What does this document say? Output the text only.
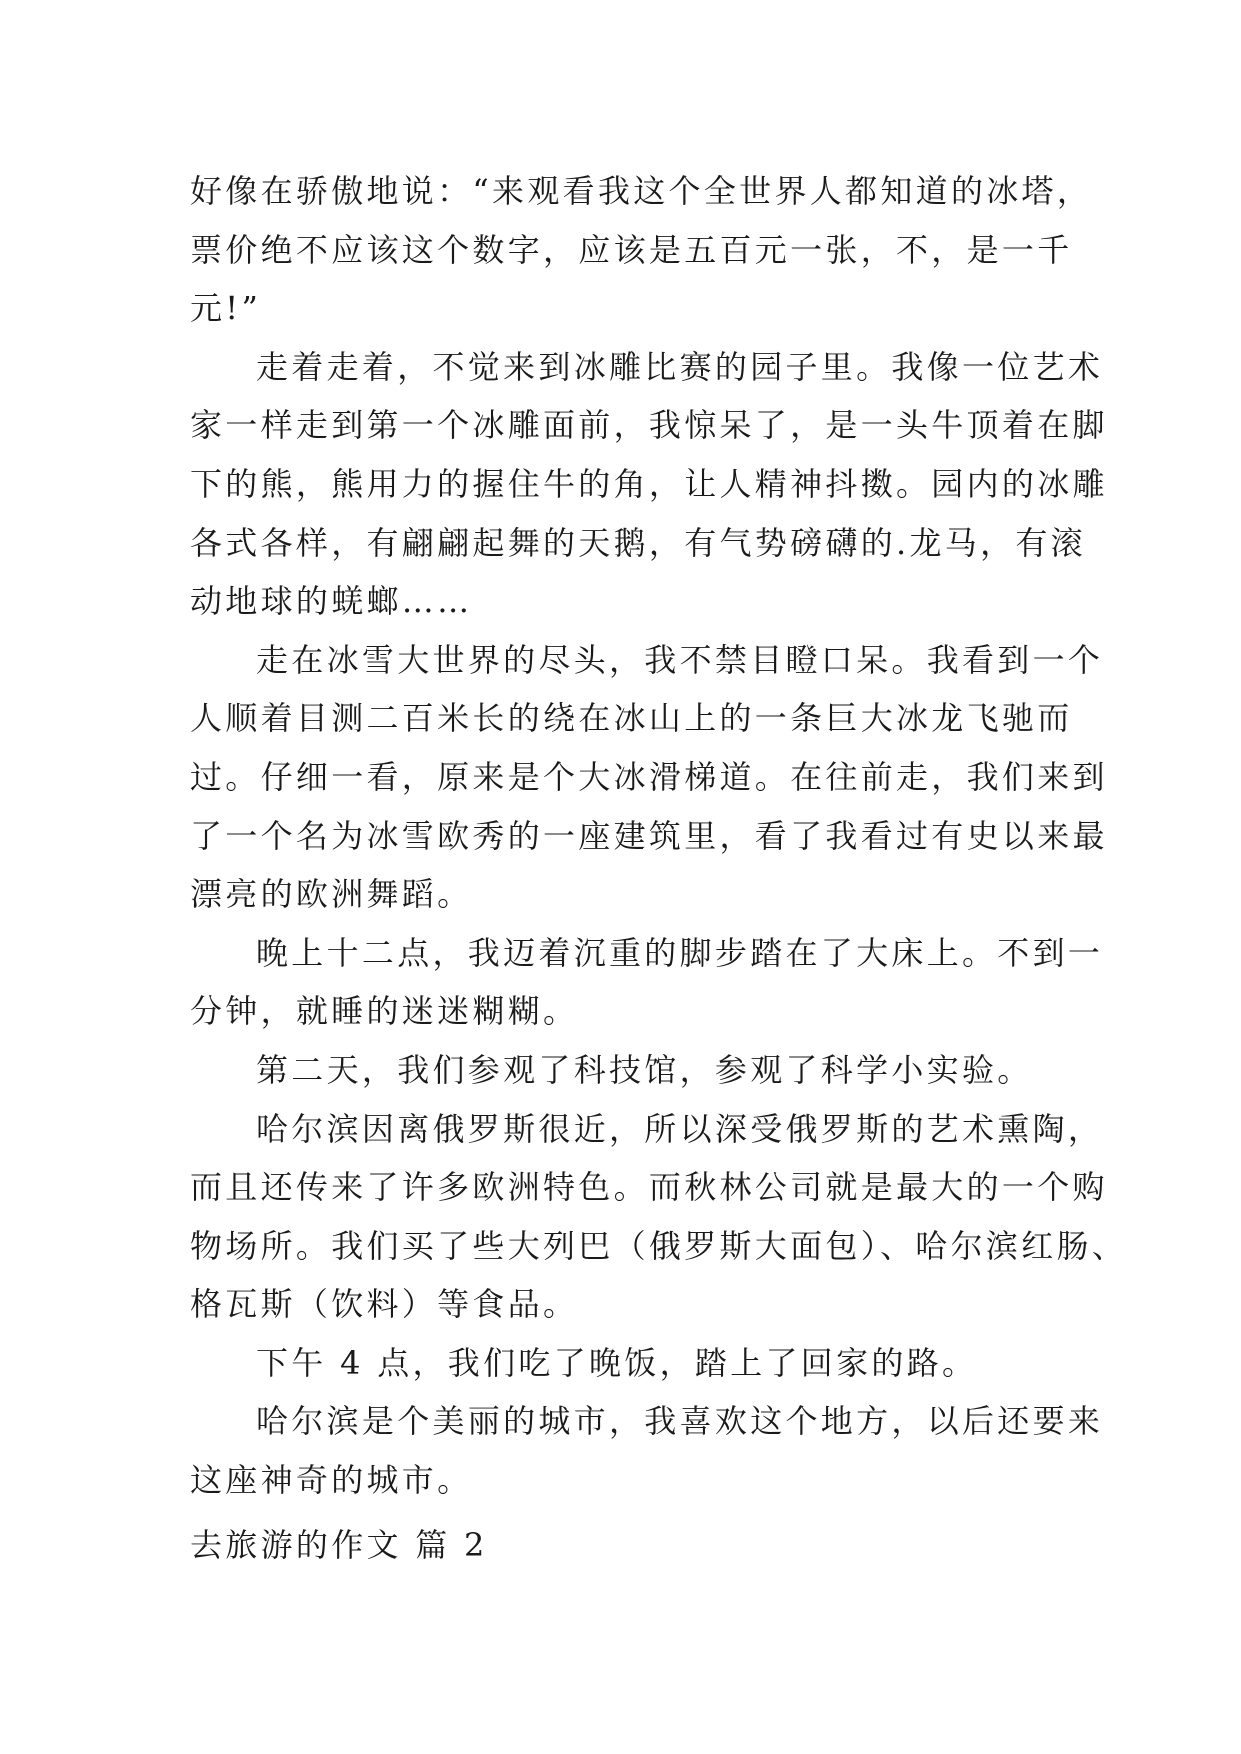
好像在骄傲地说：“来观看我这个全世界人都知道的冰塔，
票价绝不应该这个数字，应该是五百元一张，不，是一千
元!”
走着走着，不觉来到冰雕比赛的园子里。我像一位艺术
家一样走到第一个冰雕面前，我惊呆了，是一头牛顶着在脚
下的熊，熊用力的握住牛的角，让人精神抖擞。园内的冰雕
各式各样，有翩翩起舞的天鹅，有气势磅礴的.龙马，有滚
动地球的蜣螂……
走在冰雪大世界的尽头，我不禁目瞪口呆。我看到一个
人顺着目测二百米长的绕在冰山上的一条巨大冰龙飞驰而
过。仔细一看，原来是个大冰滑梯道。在往前走，我们来到
了一个名为冰雪欧秀的一座建筑里，看了我看过有史以来最
漂亮的欧洲舞蹈。
晚上十二点，我迈着沉重的脚步踏在了大床上。不到一
分钟，就睡的迷迷糊糊。
第二天，我们参观了科技馆，参观了科学小实验。
哈尔滨因离俄罗斯很近，所以深受俄罗斯的艺术熏陶，
而且还传来了许多欧洲特色。而秋林公司就是最大的一个购
物场所。我们买了些大列巴（俄罗斯大面包）、哈尔滨红肠、
格瓦斯（饮料）等食品。
下午 4 点，我们吃了晚饭，踏上了回家的路。
哈尔滨是个美丽的城市，我喜欢这个地方，以后还要来
这座神奇的城市。
去旅游的作文 篇 2
